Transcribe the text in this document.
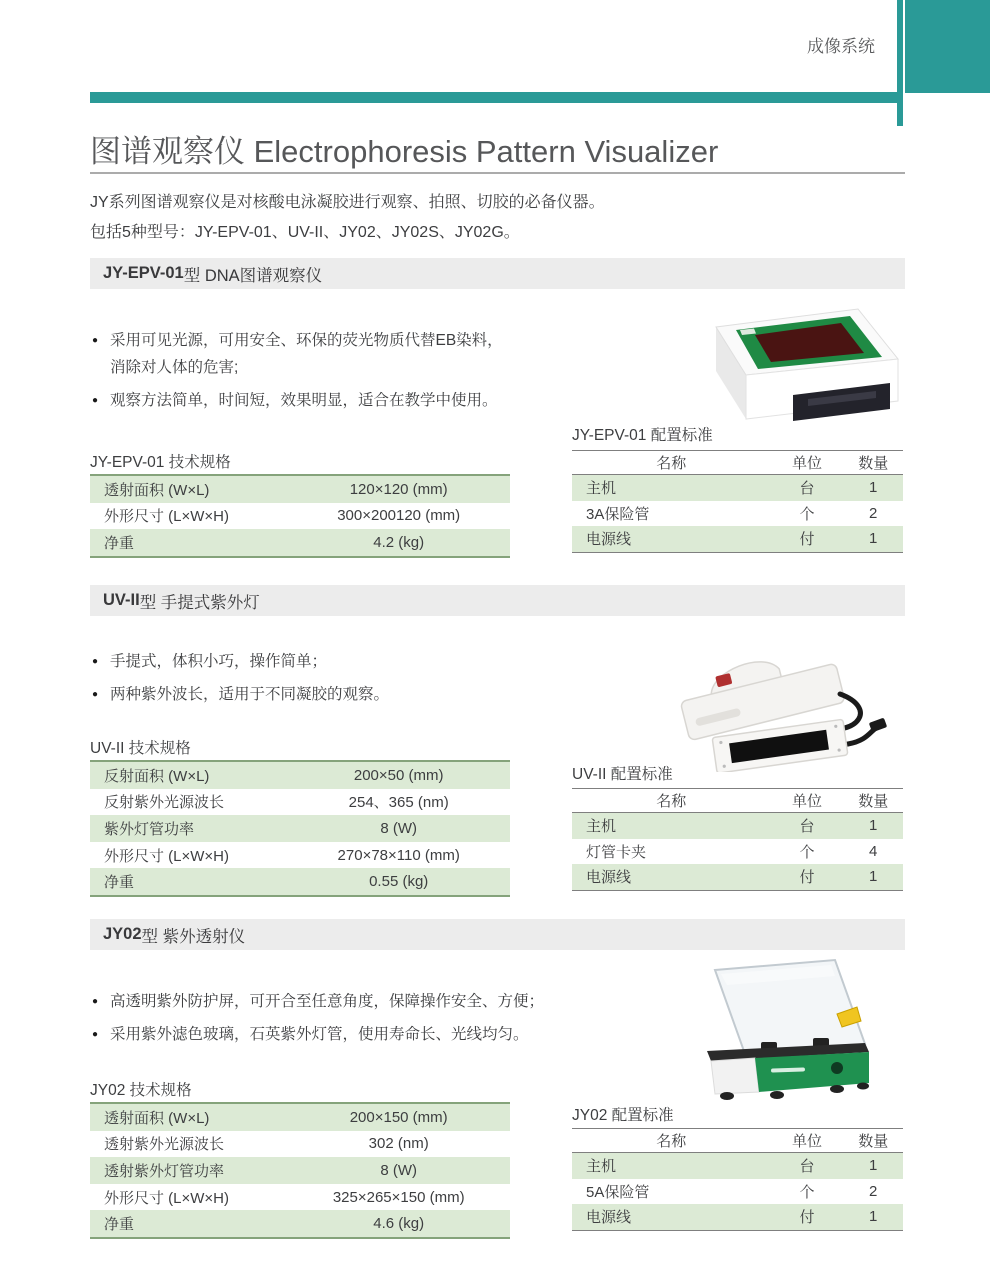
成像系统
图谱观察仪 Electrophoresis Pattern Visualizer
JY系列图谱观察仪是对核酸电泳凝胶进行观察、拍照、切胶的必备仪器。
包括5种型号：JY-EPV-01、UV-II、JY02、JY02S、JY02G。
JY-EPV-01 型 DNA图谱观察仪
● 采用可见光源，可用安全、环保的荧光物质代替EB染料，
消除对人体的危害;
● 观察方法简单，时间短，效果明显，适合在教学中使用。
JY-EPV-01 技术规格
透射面积 (W×L)	120×120 (mm)
外形尺寸 (L×W×H)	300×200120 (mm)
净重	4.2 (kg)
JY-EPV-01 配置标准
名称	单位	数量
主机	台	1
3A保险管	个	2
电源线	付	1
UV-II 型 手提式紫外灯
● 手提式，体积小巧，操作简单；
● 两种紫外波长，适用于不同凝胶的观察。
UV-II 技术规格
反射面积 (W×L)	200×50 (mm)
反射紫外光源波长	254、365 (nm)
紫外灯管功率	8 (W)
外形尺寸 (L×W×H)	270×78×110 (mm)
净重	0.55 (kg)
UV-II 配置标准
名称	单位	数量
主机	台	1
灯管卡夹	个	4
电源线	付	1
JY02 型 紫外透射仪
● 高透明紫外防护屏，可开合至任意角度，保障操作安全、方便；
● 采用紫外滤色玻璃，石英紫外灯管，使用寿命长、光线均匀。
JY02 技术规格
透射面积 (W×L)	200×150 (mm)
透射紫外光源波长	302 (nm)
透射紫外灯管功率	8 (W)
外形尺寸 (L×W×H)	325×265×150 (mm)
净重	4.6 (kg)
JY02 配置标准
名称	单位	数量
主机	台	1
5A保险管	个	2
电源线	付	1
